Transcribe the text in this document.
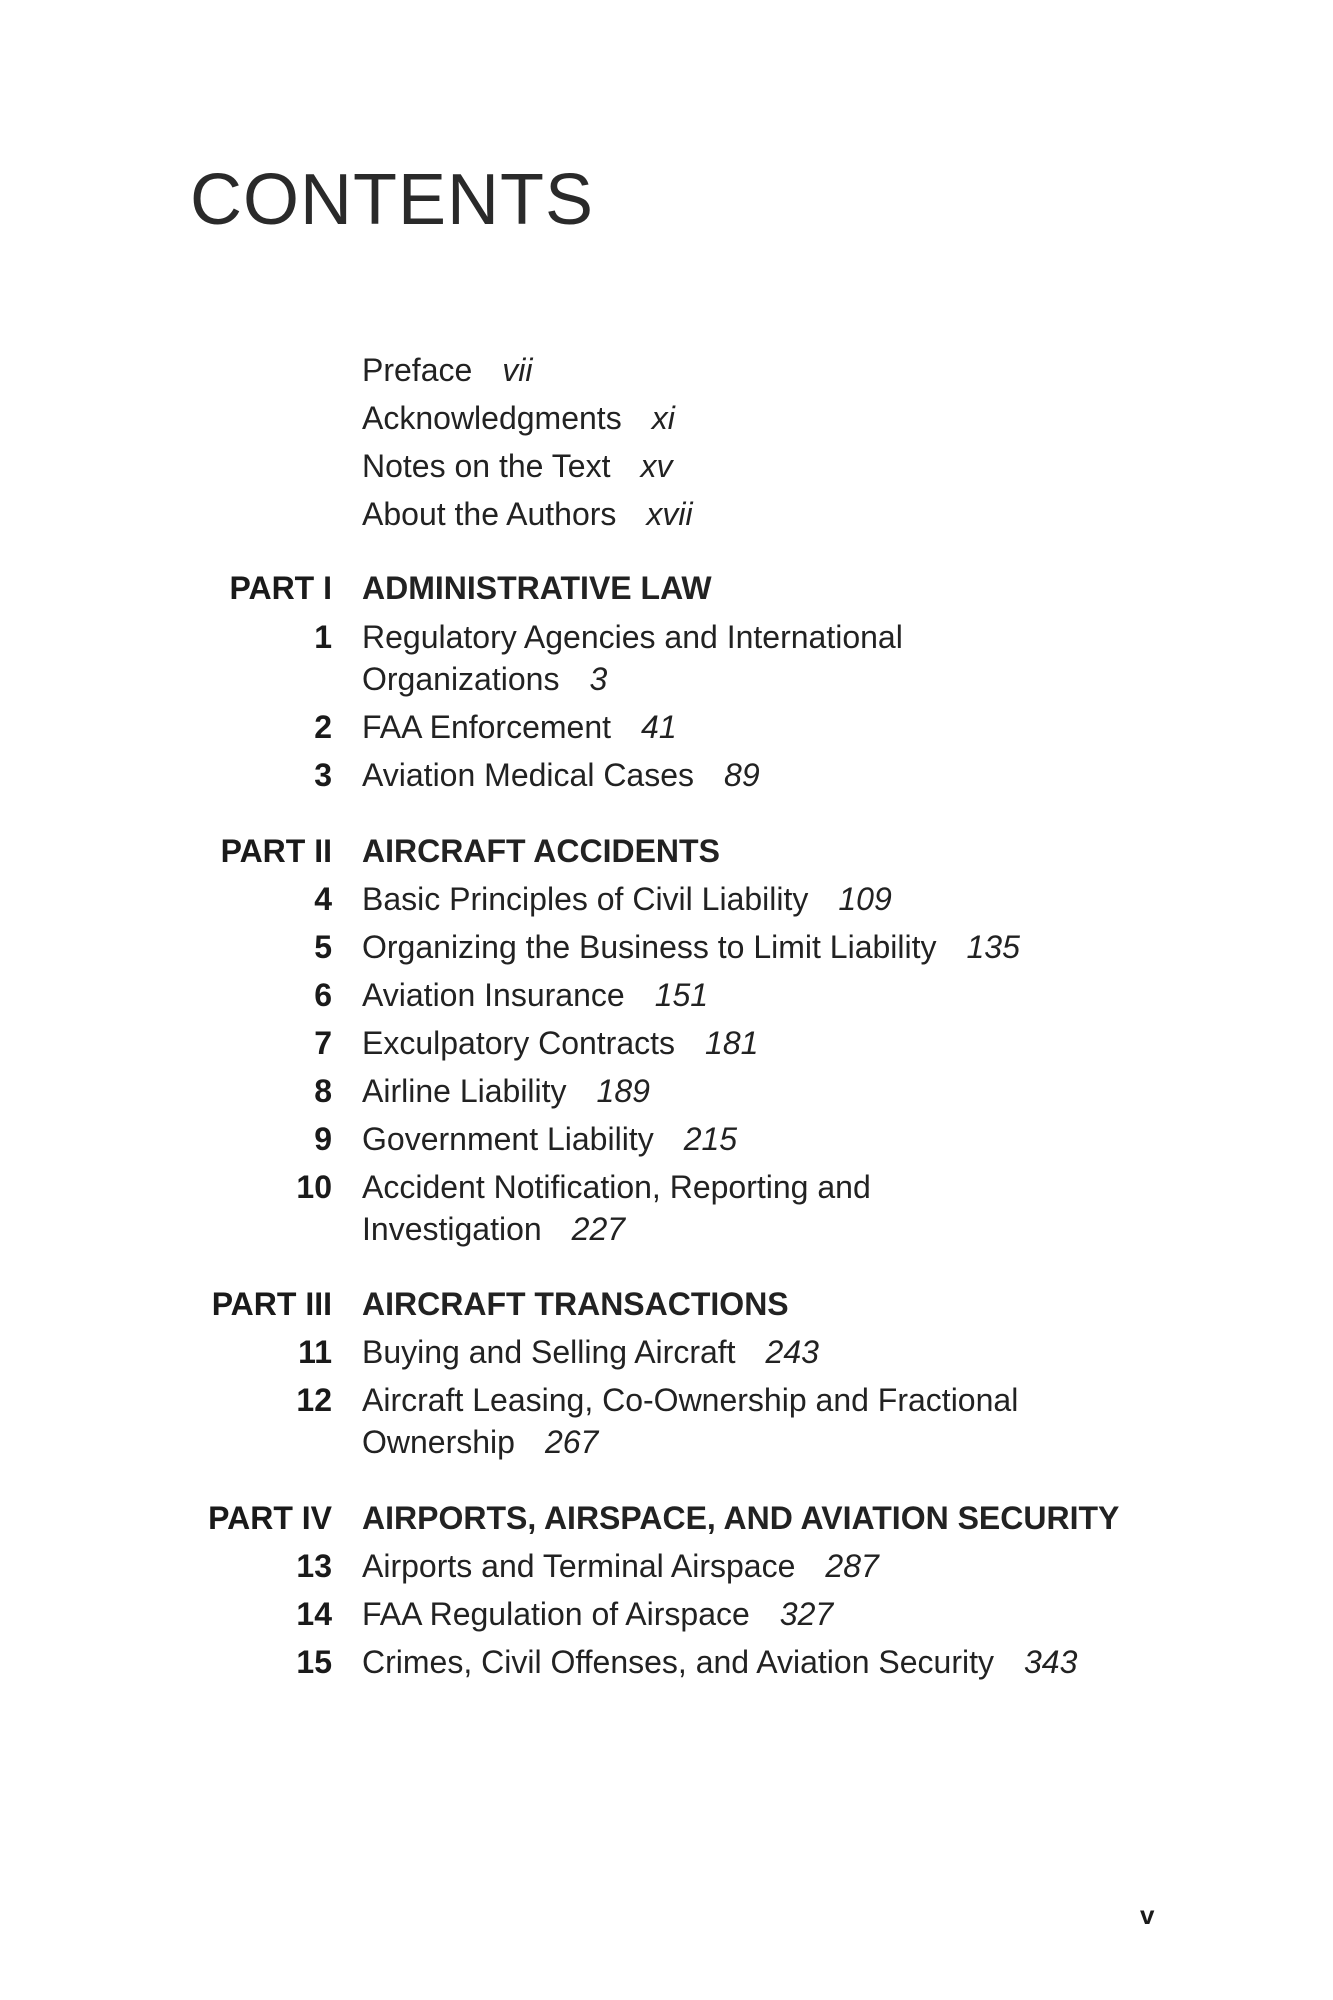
CONTENTS
Preface vii
Acknowledgments xi
Notes on the Text xv
About the Authors xvii
PART I ADMINISTRATIVE LAW
1 Regulatory Agencies and International
Organizations 3
2 FAA Enforcement 41
3 Aviation Medical Cases 89
PART II AIRCRAFT ACCIDENTS
4 Basic Principles of Civil Liability 109
5 Organizing the Business to Limit Liability 135
6 Aviation Insurance 151
7 Exculpatory Contracts 181
8 Airline Liability 189
9 Government Liability 215
10 Accident Notification, Reporting and
Investigation 227
PART III AIRCRAFT TRANSACTIONS
11 Buying and Selling Aircraft 243
12 Aircraft Leasing, Co-Ownership and Fractional
Ownership 267
PART IV AIRPORTS, AIRSPACE, AND AVIATION SECURITY
13 Airports and Terminal Airspace 287
14 FAA Regulation of Airspace 327
15 Crimes, Civil Offenses, and Aviation Security 343
v
